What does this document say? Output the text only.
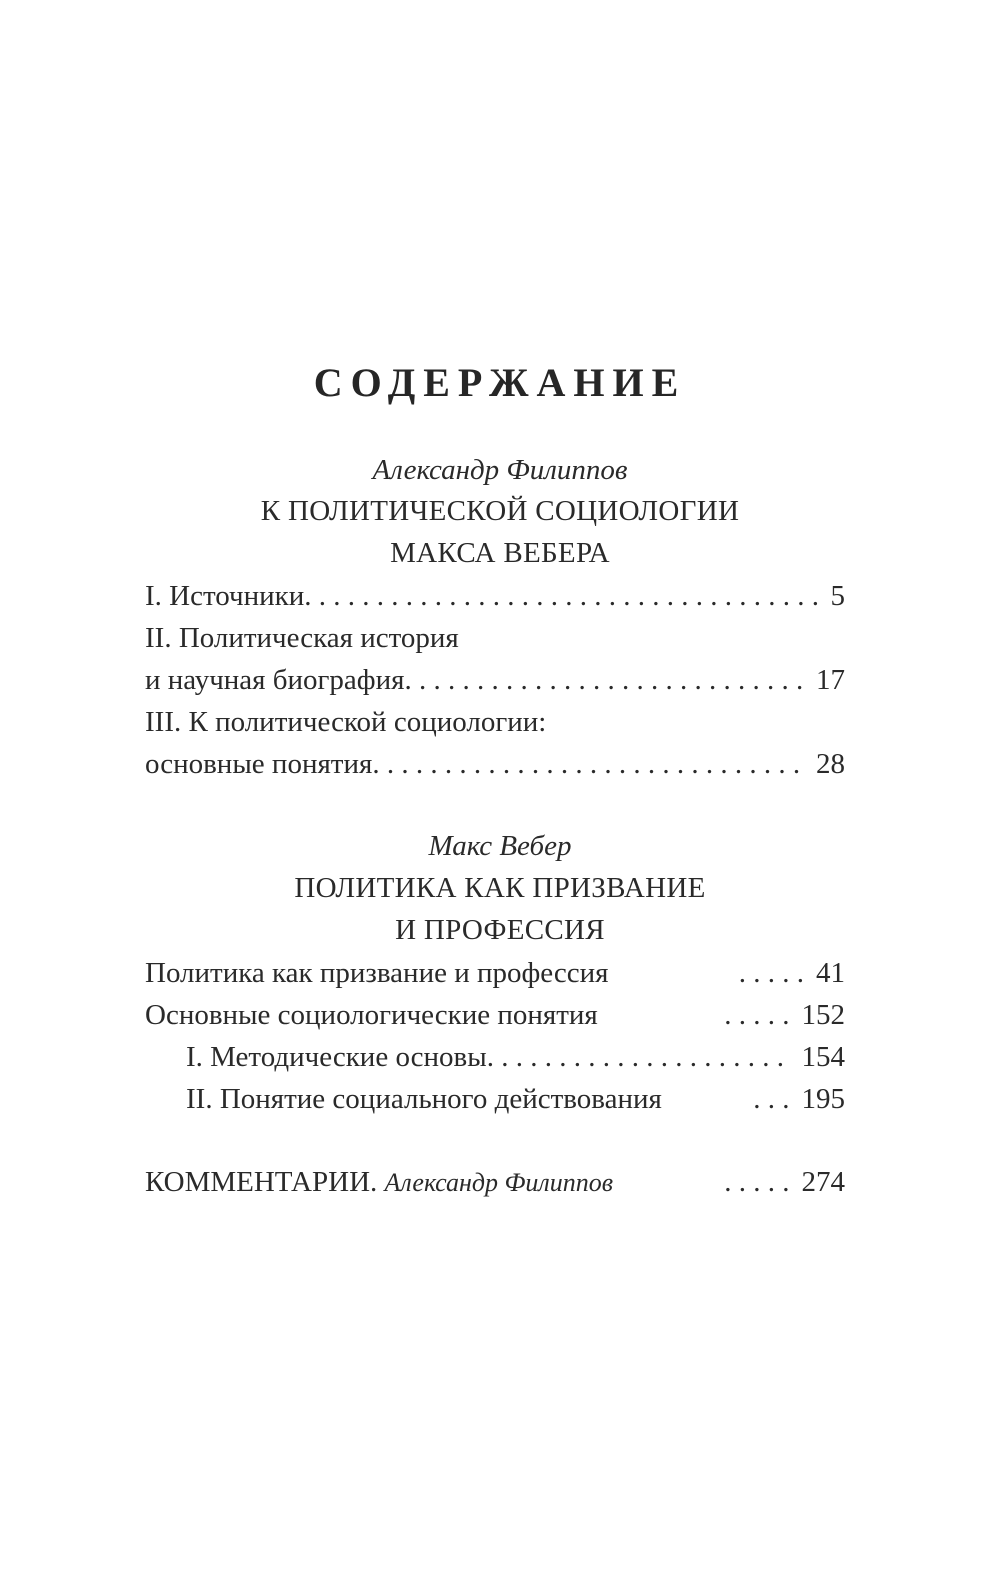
СОДЕРЖАНИЕ
Александр Филиппов
К ПОЛИТИЧЕСКОЙ СОЦИОЛОГИИ
МАКСА ВЕБЕРА
I. Источники . . .	5
II. Политическая история
и научная биография . . .	17
III. К политической социологии:
основные понятия . . .	28
Макс Вебер
ПОЛИТИКА КАК ПРИЗВАНИЕ
И ПРОФЕССИЯ
Политика как призвание и профессия . . .	41
Основные социологические понятия . . .	152
I. Методические основы . . .	154
II. Понятие социального действования . . .	195
КОММЕНТАРИИ. Александр Филиппов . . .	274
